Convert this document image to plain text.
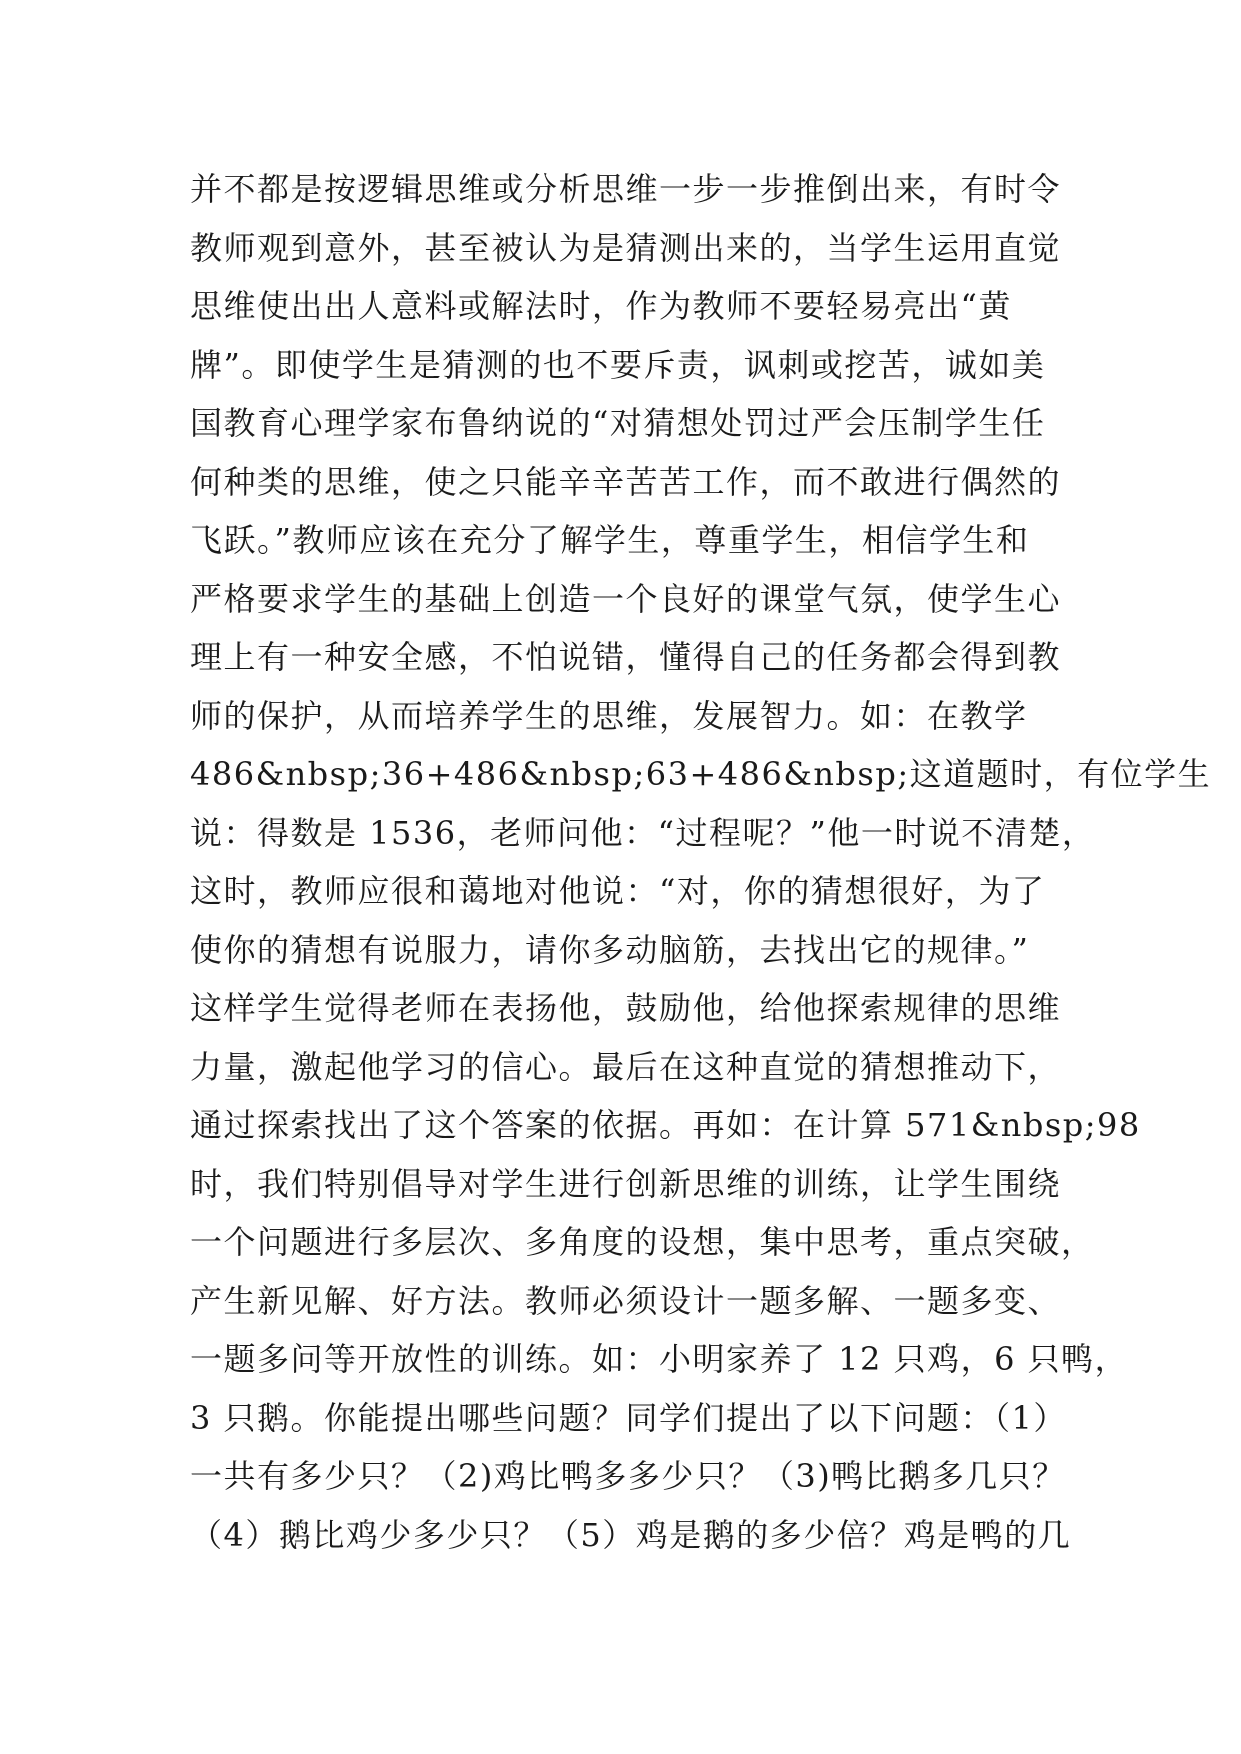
并不都是按逻辑思维或分析思维一步一步推倒出来，有时令
教师观到意外，甚至被认为是猜测出来的，当学生运用直觉
思维使出出人意料或解法时，作为教师不要轻易亮出“黄
牌”。即使学生是猜测的也不要斥责，讽刺或挖苦，诚如美
国教育心理学家布鲁纳说的“对猜想处罚过严会压制学生任
何种类的思维，使之只能辛辛苦苦工作，而不敢进行偶然的
飞跃。”教师应该在充分了解学生，尊重学生，相信学生和
严格要求学生的基础上创造一个良好的课堂气氛，使学生心
理上有一种安全感，不怕说错，懂得自己的任务都会得到教
师的保护，从而培养学生的思维，发展智力。如：在教学
486&nbsp;36+486&nbsp;63+486&nbsp;这道题时，有位学生
说：得数是 1536，老师问他：“过程呢？”他一时说不清楚，
这时，教师应很和蔼地对他说：“对，你的猜想很好，为了
使你的猜想有说服力，请你多动脑筋，去找出它的规律。”
这样学生觉得老师在表扬他，鼓励他，给他探索规律的思维
力量，激起他学习的信心。最后在这种直觉的猜想推动下，
通过探索找出了这个答案的依据。再如：在计算 571&nbsp;98
时，我们特别倡导对学生进行创新思维的训练，让学生围绕
一个问题进行多层次、多角度的设想，集中思考，重点突破，
产生新见解、好方法。教师必须设计一题多解、一题多变、
一题多问等开放性的训练。如：小明家养了 12 只鸡，6 只鸭，
3 只鹅。你能提出哪些问题？同学们提出了以下问题：（1）
一共有多少只？（2)鸡比鸭多多少只？（3)鸭比鹅多几只？
（4）鹅比鸡少多少只？（5）鸡是鹅的多少倍？鸡是鸭的几
